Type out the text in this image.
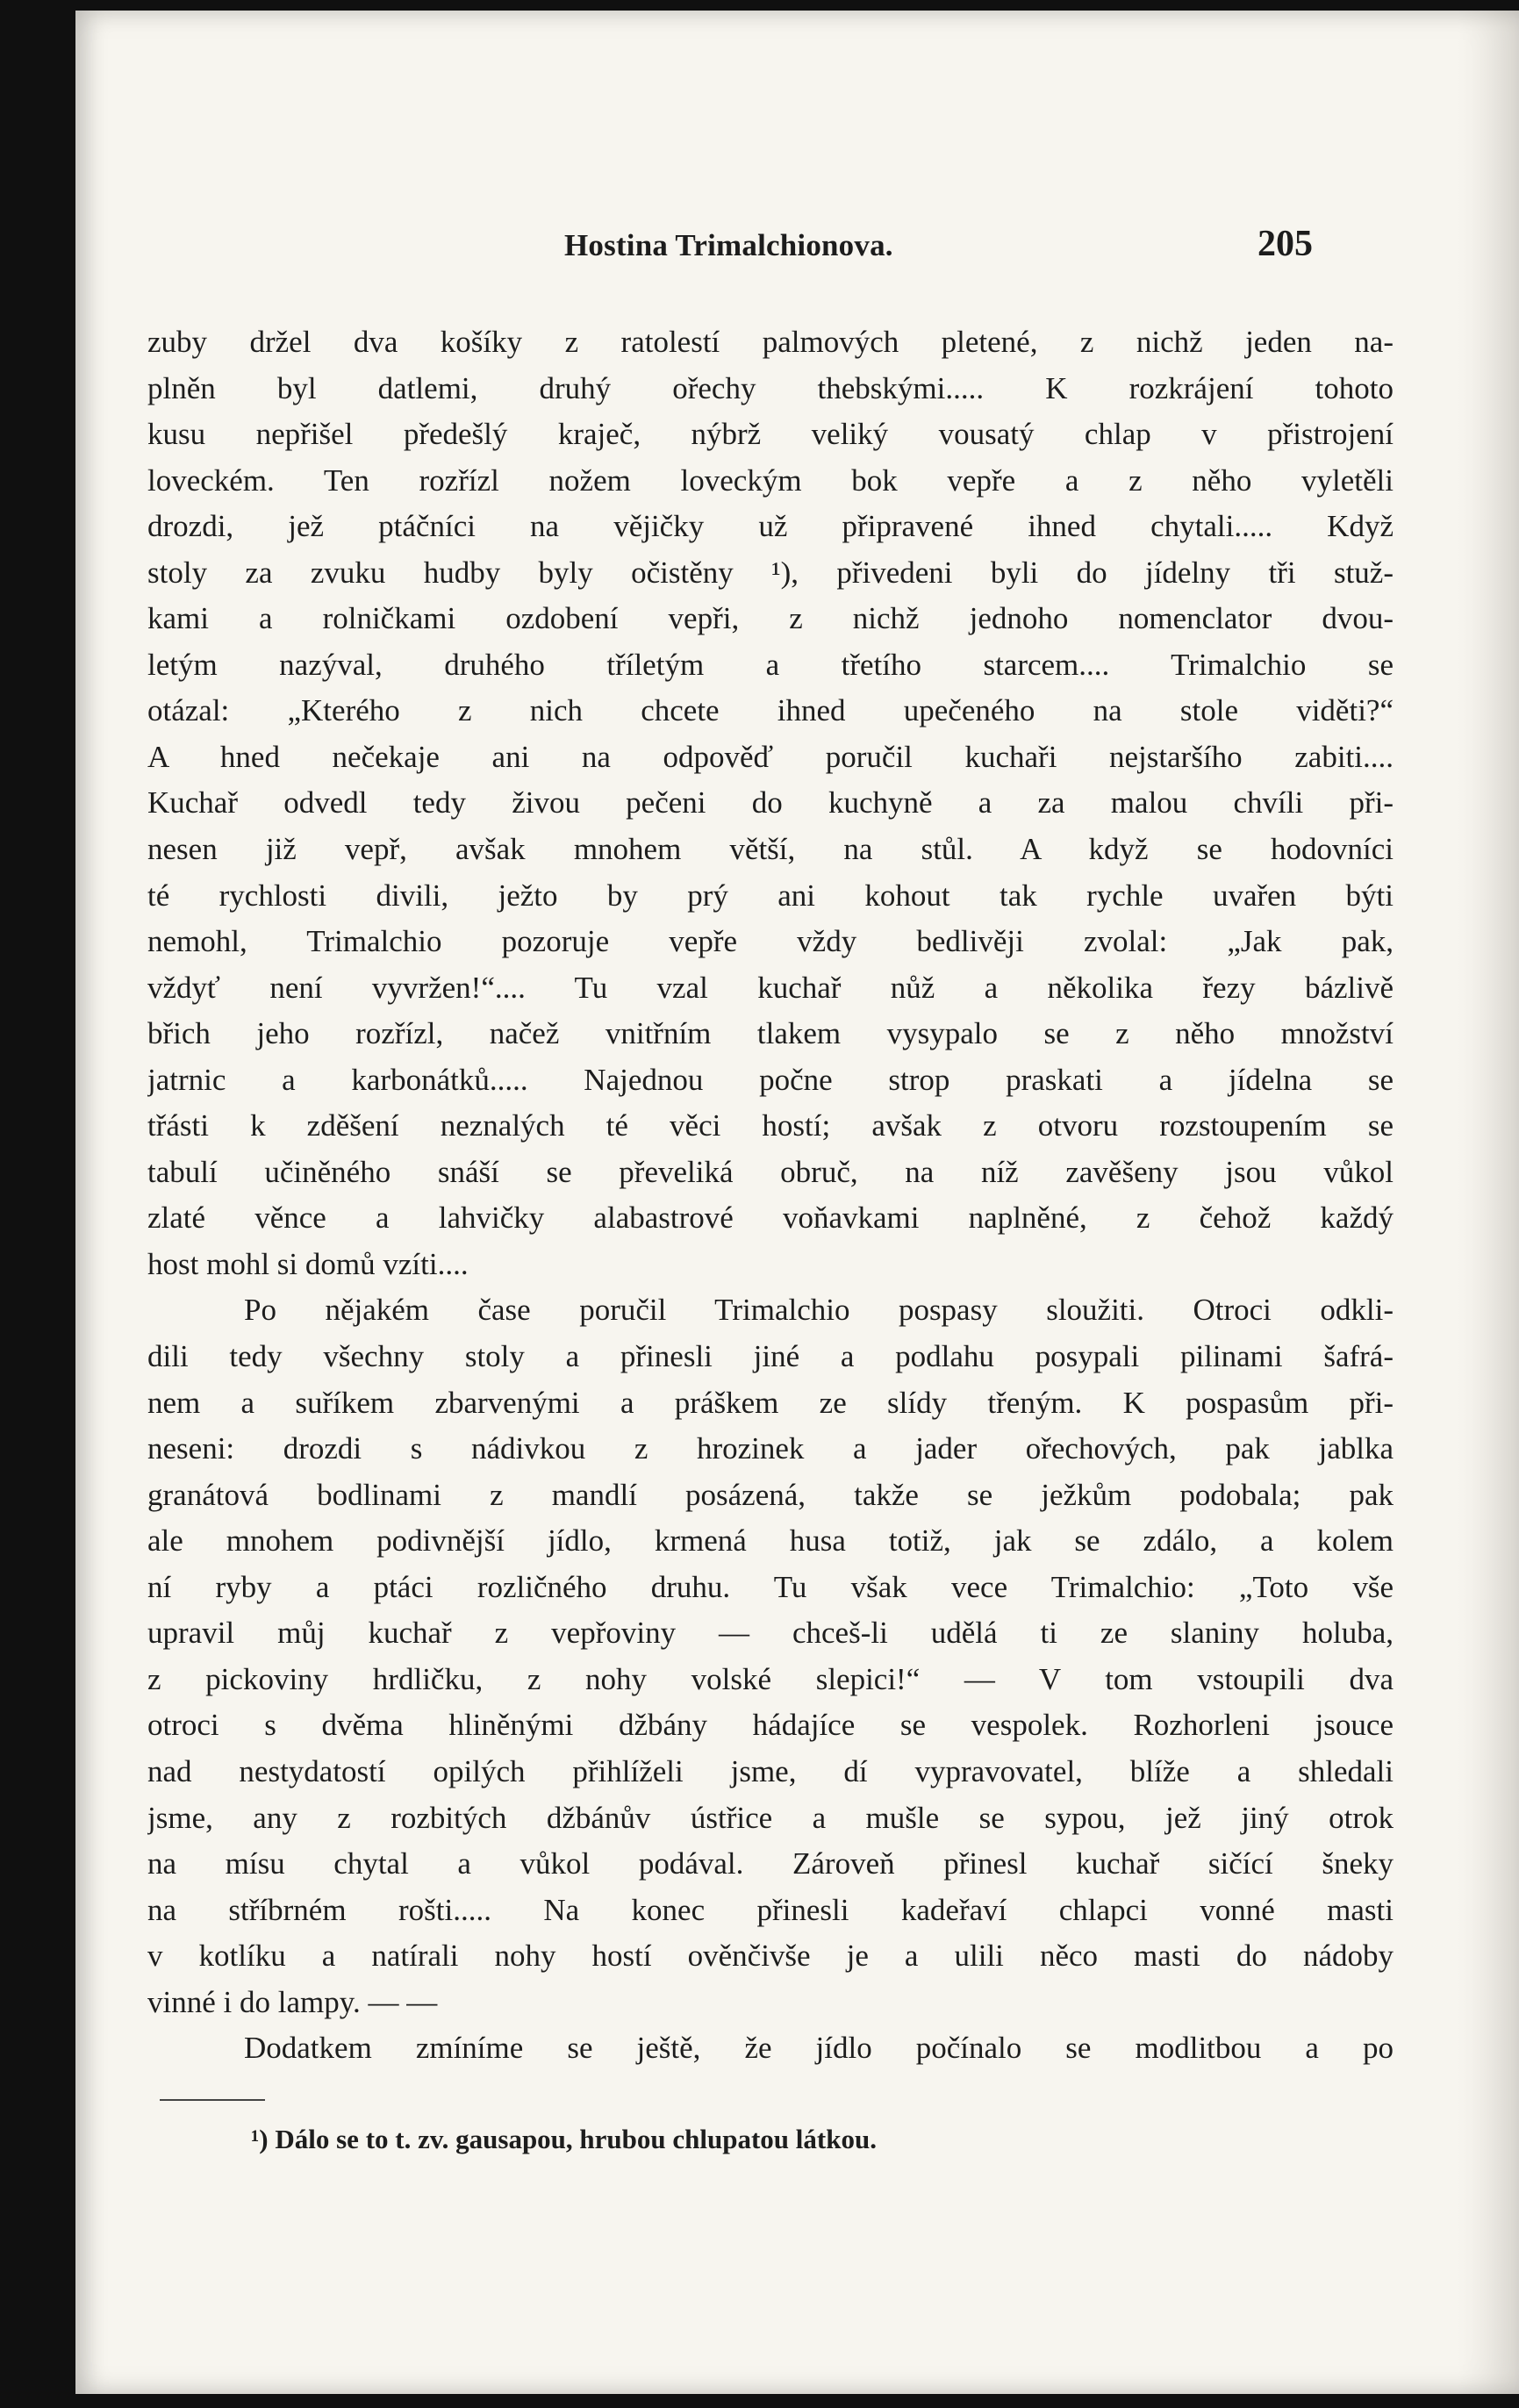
Hostina Trimalchionova.	205
zuby držel dva košíky z ratolestí palmových pletené, z nichž jeden na-
plněn byl datlemi, druhý ořechy thebskými..... K rozkrájení tohoto
kusu nepřišel předešlý kraječ, nýbrž veliký vousatý chlap v přistrojení
loveckém. Ten rozřízl nožem loveckým bok vepře a z něho vyletěli
drozdi, jež ptáčníci na vějičky už připravené ihned chytali..... Když
stoly za zvuku hudby byly očistěny ¹), přivedeni byli do jídelny tři stuž-
kami a rolničkami ozdobení vepři, z nichž jednoho nomenclator dvou-
letým nazýval, druhého tříletým a třetího starcem.... Trimalchio se
otázal: „Kterého z nich chcete ihned upečeného na stole viděti?“
A hned nečekaje ani na odpověď poručil kuchaři nejstaršího zabiti....
Kuchař odvedl tedy živou pečeni do kuchyně a za malou chvíli při-
nesen již vepř, avšak mnohem větší, na stůl. A když se hodovníci
té rychlosti divili, ježto by prý ani kohout tak rychle uvařen býti
nemohl, Trimalchio pozoruje vepře vždy bedlivěji zvolal: „Jak pak,
vždyť není vyvržen!“.... Tu vzal kuchař nůž a několika řezy bázlivě
břich jeho rozřízl, načež vnitřním tlakem vysypalo se z něho množství
jatrnic a karbonátků..... Najednou počne strop praskati a jídelna se
třásti k zděšení neznalých té věci hostí; avšak z otvoru rozstoupením se
tabulí učiněného snáší se převeliká obruč, na níž zavěšeny jsou vůkol
zlaté věnce a lahvičky alabastrové voňavkami naplněné, z čehož každý
host mohl si domů vzíti....
Po nějakém čase poručil Trimalchio pospasy sloužiti. Otroci odkli-
dili tedy všechny stoly a přinesli jiné a podlahu posypali pilinami šafrá-
nem a suříkem zbarvenými a práškem ze slídy třeným. K pospasům při-
neseni: drozdi s nádivkou z hrozinek a jader ořechových, pak jablka
granátová bodlinami z mandlí posázená, takže se ježkům podobala; pak
ale mnohem podivnější jídlo, krmená husa totiž, jak se zdálo, a kolem
ní ryby a ptáci rozličného druhu. Tu však vece Trimalchio: „Toto vše
upravil můj kuchař z vepřoviny — chceš-li udělá ti ze slaniny holuba,
z pickoviny hrdličku, z nohy volské slepici!“ — V tom vstoupili dva
otroci s dvěma hliněnými džbány hádajíce se vespolek. Rozhorleni jsouce
nad nestydatostí opilých přihlíželi jsme, dí vypravovatel, blíže a shledali
jsme, any z rozbitých džbánův ústřice a mušle se sypou, jež jiný otrok
na mísu chytal a vůkol podával. Zároveň přinesl kuchař sičící šneky
na stříbrném rošti..... Na konec přinesli kadeřaví chlapci vonné masti
v kotlíku a natírali nohy hostí ověnčivše je a ulili něco masti do nádoby
vinné i do lampy. — —
Dodatkem zmíníme se ještě, že jídlo počínalo se modlitbou a po
¹) Dálo se to t. zv. gausapou, hrubou chlupatou látkou.
